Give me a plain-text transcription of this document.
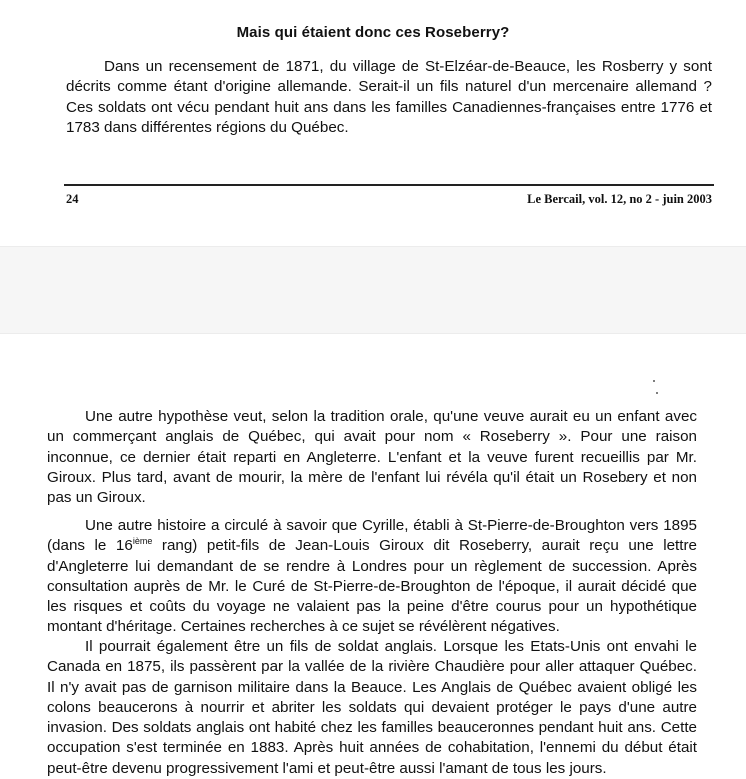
Mais qui étaient donc ces Roseberry?

Dans un recensement de 1871, du village de St-Elzéar-de-Beauce, les Rosberry y sont décrits comme étant d'origine allemande. Serait-il un fils naturel d'un mercenaire allemand ? Ces soldats ont vécu pendant huit ans dans les familles Canadiennes-françaises entre 1776 et 1783 dans différentes régions du Québec.

24	Le Bercail, vol. 12, no 2 - juin 2003

Une autre hypothèse veut, selon la tradition orale, qu'une veuve aurait eu un enfant avec un commerçant anglais de Québec, qui avait pour nom « Roseberry ». Pour une raison inconnue, ce dernier était reparti en Angleterre. L'enfant et la veuve furent recueillis par Mr. Giroux. Plus tard, avant de mourir, la mère de l'enfant lui révéla qu'il était un Rosebery et non pas un Giroux.

Une autre histoire a circulé à savoir que Cyrille, établi à St-Pierre-de-Broughton vers 1895 (dans le 16ième rang) petit-fils de Jean-Louis Giroux dit Roseberry, aurait reçu une lettre d'Angleterre lui demandant de se rendre à Londres pour un règlement de succession. Après consultation auprès de Mr. le Curé de St-Pierre-de-Broughton de l'époque, il aurait décidé que les risques et coûts du voyage ne valaient pas la peine d'être courus pour un hypothétique montant d'héritage. Certaines recherches à ce sujet se révélèrent négatives.

Il pourrait également être un fils de soldat anglais. Lorsque les Etats-Unis ont envahi le Canada en 1875, ils passèrent par la vallée de la rivière Chaudière pour aller attaquer Québec. Il n'y avait pas de garnison militaire dans la Beauce. Les Anglais de Québec avaient obligé les colons beaucerons à nourrir et abriter les soldats qui devaient protéger le pays d'une autre invasion. Des soldats anglais ont habité chez les familles beauceronnes pendant huit ans. Cette occupation s'est terminée en 1883. Après huit années de cohabitation, l'ennemi du début était peut-être devenu progressivement l'ami et peut-être aussi l'amant de tous les jours.
